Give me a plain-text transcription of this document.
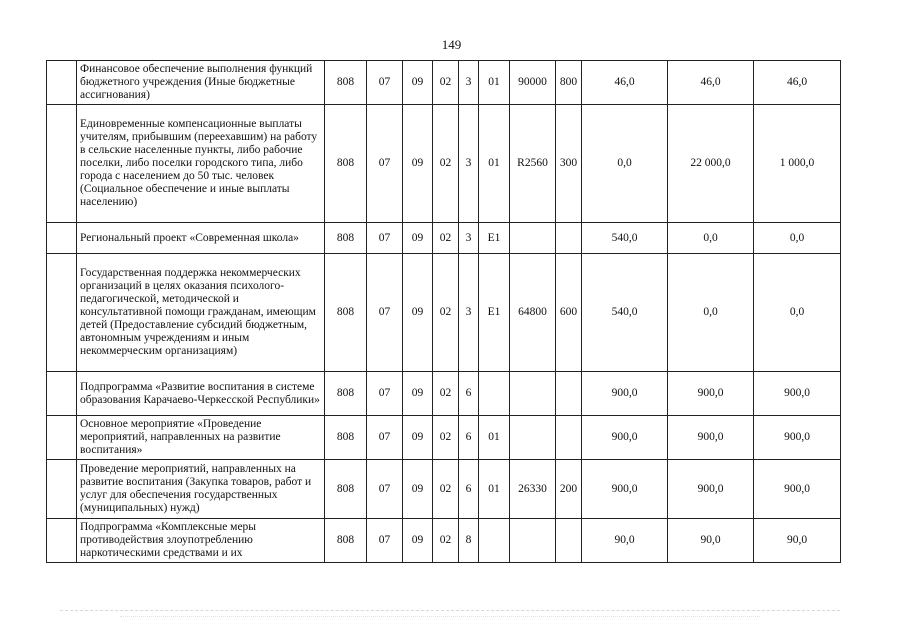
149
	Финансовое обеспечение выполнения функций бюджетного учреждения (Иные бюджетные ассигнования)	808	07	09	02	3	01	90000	800	46,0	46,0	46,0
	Единовременные компенсационные выплаты учителям, прибывшим (переехавшим) на работу в сельские населенные пункты, либо рабочие поселки, либо поселки городского типа, либо города с населением до 50 тыс. человек (Социальное обеспечение и иные выплаты населению)	808	07	09	02	3	01	R2560	300	0,0	22 000,0	1 000,0
	Региональный проект «Современная школа»	808	07	09	02	3	E1			540,0	0,0	0,0
	Государственная поддержка некоммерческих организаций в целях оказания психолого-педагогической, методической и консультативной помощи гражданам, имеющим детей (Предоставление субсидий бюджетным, автономным учреждениям и иным некоммерческим организациям)	808	07	09	02	3	E1	64800	600	540,0	0,0	0,0
	Подпрограмма «Развитие воспитания в системе образования Карачаево-Черкесской Республики»	808	07	09	02	6				900,0	900,0	900,0
	Основное мероприятие «Проведение мероприятий, направленных на развитие воспитания»	808	07	09	02	6	01			900,0	900,0	900,0
	Проведение мероприятий, направленных на развитие воспитания (Закупка товаров, работ и услуг для обеспечения государственных (муниципальных) нужд)	808	07	09	02	6	01	26330	200	900,0	900,0	900,0
	Подпрограмма «Комплексные меры противодействия злоупотреблению наркотическими средствами и их	808	07	09	02	8				90,0	90,0	90,0
